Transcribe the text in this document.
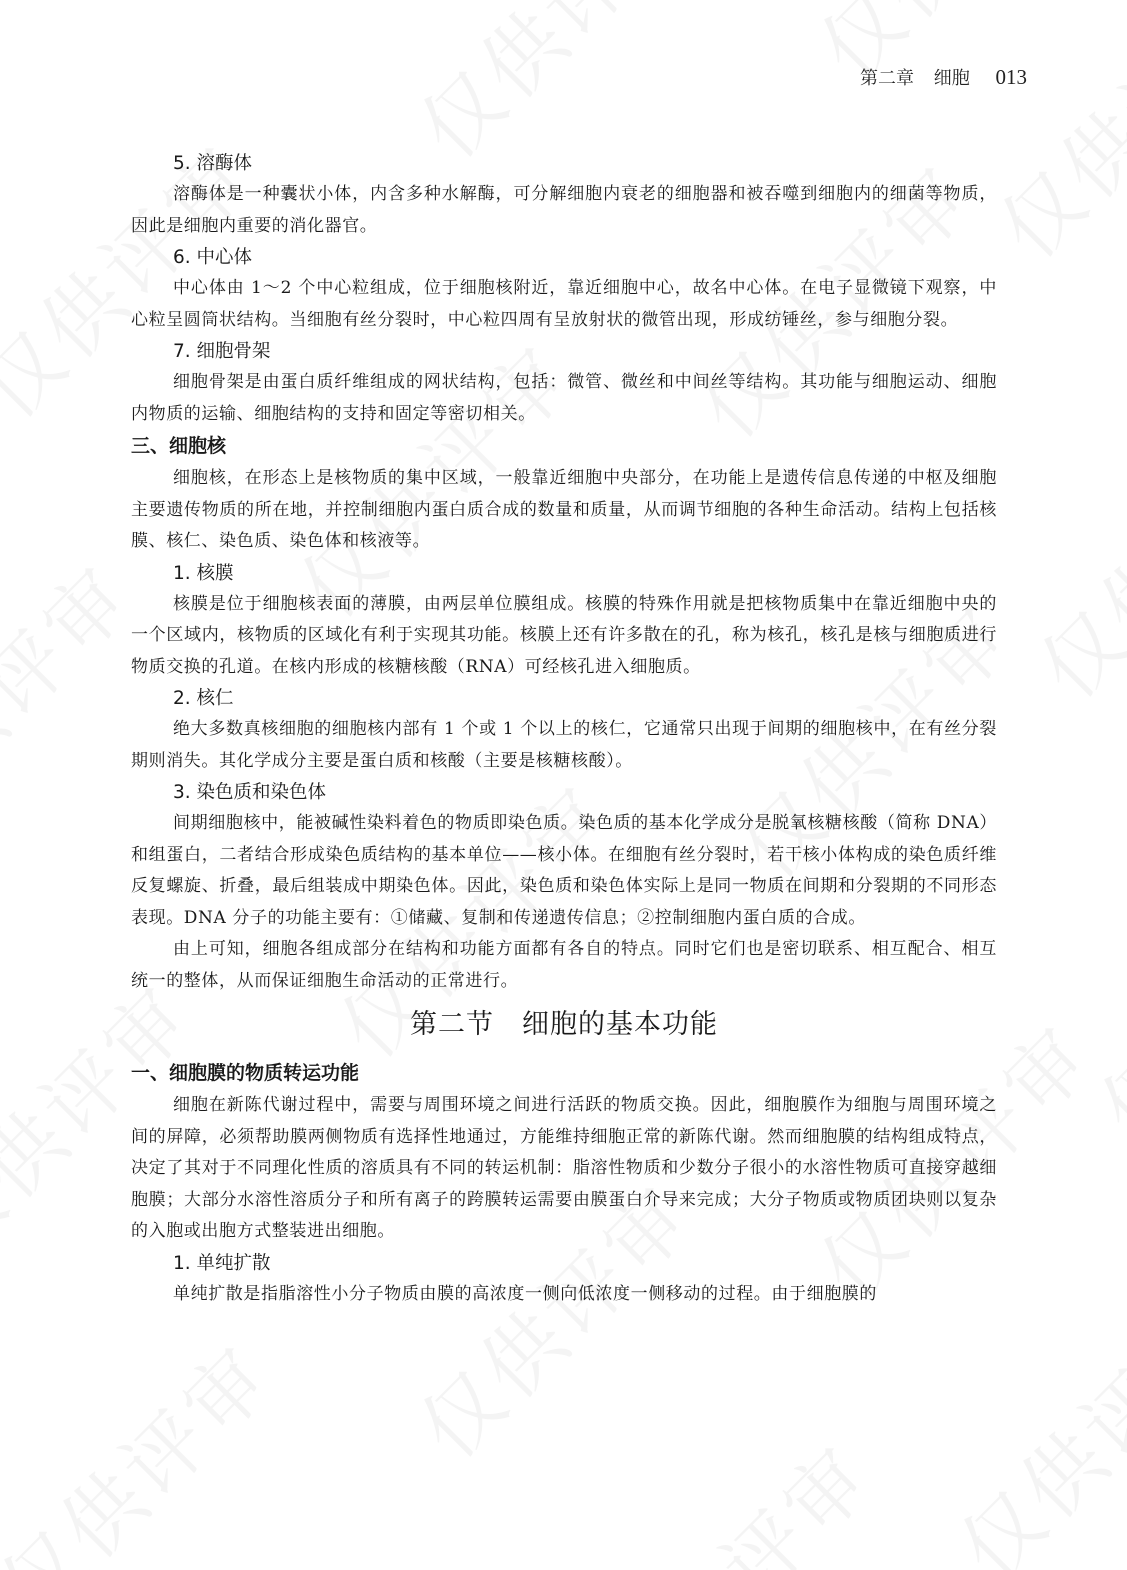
第二章 细胞 013
5. 溶酶体

溶酶体是一种囊状小体，内含多种水解酶，可分解细胞内衰老的细胞器和被吞噬到细胞内的细菌等物质，因此是细胞内重要的消化器官。

6. 中心体

中心体由 1～2 个中心粒组成，位于细胞核附近，靠近细胞中心，故名中心体。在电子显微镜下观察，中心粒呈圆筒状结构。当细胞有丝分裂时，中心粒四周有呈放射状的微管出现，形成纺锤丝，参与细胞分裂。

7. 细胞骨架

细胞骨架是由蛋白质纤维组成的网状结构，包括：微管、微丝和中间丝等结构。其功能与细胞运动、细胞内物质的运输、细胞结构的支持和固定等密切相关。

三、细胞核

细胞核，在形态上是核物质的集中区域，一般靠近细胞中央部分，在功能上是遗传信息传递的中枢及细胞主要遗传物质的所在地，并控制细胞内蛋白质合成的数量和质量，从而调节细胞的各种生命活动。结构上包括核膜、核仁、染色质、染色体和核液等。

1. 核膜

核膜是位于细胞核表面的薄膜，由两层单位膜组成。核膜的特殊作用就是把核物质集中在靠近细胞中央的一个区域内，核物质的区域化有利于实现其功能。核膜上还有许多散在的孔，称为核孔，核孔是核与细胞质进行物质交换的孔道。在核内形成的核糖核酸（RNA）可经核孔进入细胞质。

2. 核仁

绝大多数真核细胞的细胞核内部有 1 个或 1 个以上的核仁，它通常只出现于间期的细胞核中，在有丝分裂期则消失。其化学成分主要是蛋白质和核酸（主要是核糖核酸）。

3. 染色质和染色体

间期细胞核中，能被碱性染料着色的物质即染色质。染色质的基本化学成分是脱氧核糖核酸（简称 DNA）和组蛋白，二者结合形成染色质结构的基本单位——核小体。在细胞有丝分裂时，若干核小体构成的染色质纤维反复螺旋、折叠，最后组装成中期染色体。因此，染色质和染色体实际上是同一物质在间期和分裂期的不同形态表现。DNA 分子的功能主要有：①储藏、复制和传递遗传信息；②控制细胞内蛋白质的合成。

由上可知，细胞各组成部分在结构和功能方面都有各自的特点。同时它们也是密切联系、相互配合、相互统一的整体，从而保证细胞生命活动的正常进行。

第二节　细胞的基本功能
一、细胞膜的物质转运功能

细胞在新陈代谢过程中，需要与周围环境之间进行活跃的物质交换。因此，细胞膜作为细胞与周围环境之间的屏障，必须帮助膜两侧物质有选择性地通过，方能维持细胞正常的新陈代谢。然而细胞膜的结构组成特点，决定了其对于不同理化性质的溶质具有不同的转运机制：脂溶性物质和少数分子很小的水溶性物质可直接穿越细胞膜；大部分水溶性溶质分子和所有离子的跨膜转运需要由膜蛋白介导来完成；大分子物质或物质团块则以复杂的入胞或出胞方式整装进出细胞。

1. 单纯扩散

单纯扩散是指脂溶性小分子物质由膜的高浓度一侧向低浓度一侧移动的过程。由于细胞膜的
